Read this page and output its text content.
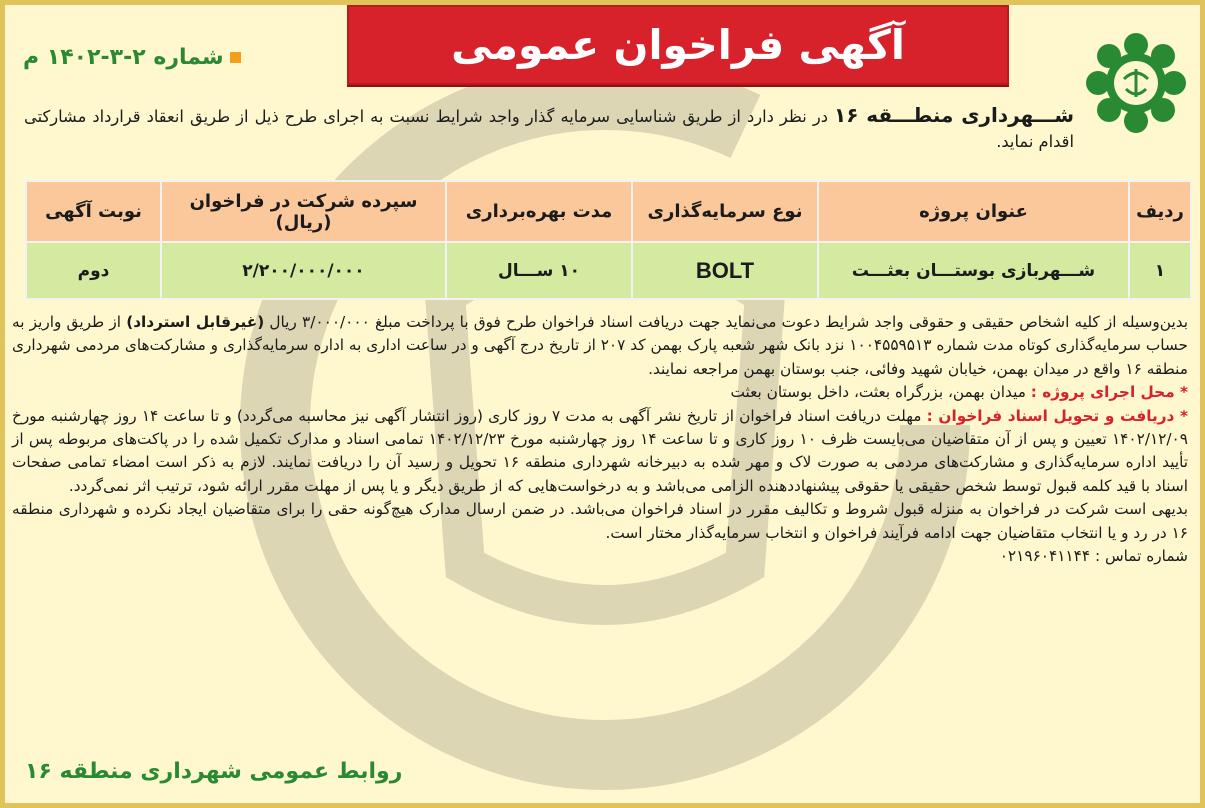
آگهی فراخوان عمومی
شماره ۲-۳-۱۴۰۲ م
شـــهرداری منطـــقه ۱۶ در نظر دارد از طریق شناسایی سرمایه گذار واجد شرایط نسبت به اجرای طرح ذیل از طریق انعقاد قرارداد مشارکتی اقدام نماید.
ردیف	عنوان پروژه	نوع سرمایه‌گذاری	مدت بهره‌برداری	سپرده شرکت در فراخوان (ریال)	نوبت آگهی
۱	شـــهربازی بوستـــان بعثـــت	BOLT	۱۰ ســـال	۲/۲۰۰/۰۰۰/۰۰۰	دوم

بدین‌وسیله از کلیه اشخاص حقیقی و حقوقی واجد شرایط دعوت می‌نماید جهت دریافت اسناد فراخوان طرح فوق با پرداخت مبلغ ۳/۰۰۰/۰۰۰ ریال (غیرقابل استرداد) از طریق واریز به حساب سرمایه‌گذاری کوتاه مدت شماره ۱۰۰۴۵۵۹۵۱۳ نزد بانک شهر شعبه پارک بهمن کد ۲۰۷ از تاریخ درج آگهی و در ساعت اداری به اداره سرمایه‌گذاری و مشارکت‌های مردمی شهرداری منطقه ۱۶ واقع در میدان بهمن، خیابان شهید وفائی، جنب بوستان بهمن مراجعه نمایند.

* محل اجرای پروژه : میدان بهمن، بزرگراه بعثت، داخل بوستان بعثت

* دریافت و تحویل اسناد فراخوان : مهلت دریافت اسناد فراخوان از تاریخ نشر آگهی به مدت ۷ روز کاری (روز انتشار آگهی نیز محاسبه می‌گردد) و تا ساعت ۱۴ روز چهارشنبه مورخ ۱۴۰۲/۱۲/۰۹ تعیین و پس از آن متقاضیان می‌بایست ظرف ۱۰ روز کاری و تا ساعت ۱۴ روز چهارشنبه مورخ ۱۴۰۲/۱۲/۲۳ تمامی اسناد و مدارک تکمیل شده را در پاکت‌های مربوطه پس از تأیید اداره سرمایه‌گذاری و مشارکت‌های مردمی به صورت لاک و مهر شده به دبیرخانه شهرداری منطقه ۱۶ تحویل و رسید آن را دریافت نمایند. لازم به ذکر است امضاء تمامی صفحات اسناد با قید کلمه قبول توسط شخص حقیقی یا حقوقی پیشنهاددهنده الزامی می‌باشد و به درخواست‌هایی که از طریق دیگر و یا پس از مهلت مقرر ارائه شود، ترتیب اثر نمی‌گردد.

بدیهی است شرکت در فراخوان به منزله قبول شروط و تکالیف مقرر در اسناد فراخوان می‌باشد. در ضمن ارسال مدارک هیچ‌گونه حقی را برای متقاضیان ایجاد نکرده و شهرداری منطقه ۱۶ در رد و یا انتخاب متقاضیان جهت ادامه فرآیند فراخوان و انتخاب سرمایه‌گذار مختار است.

شماره تماس : ۰۲۱۹۶۰۴۱۱۴۴

روابط عمومی شهرداری منطقه ۱۶
